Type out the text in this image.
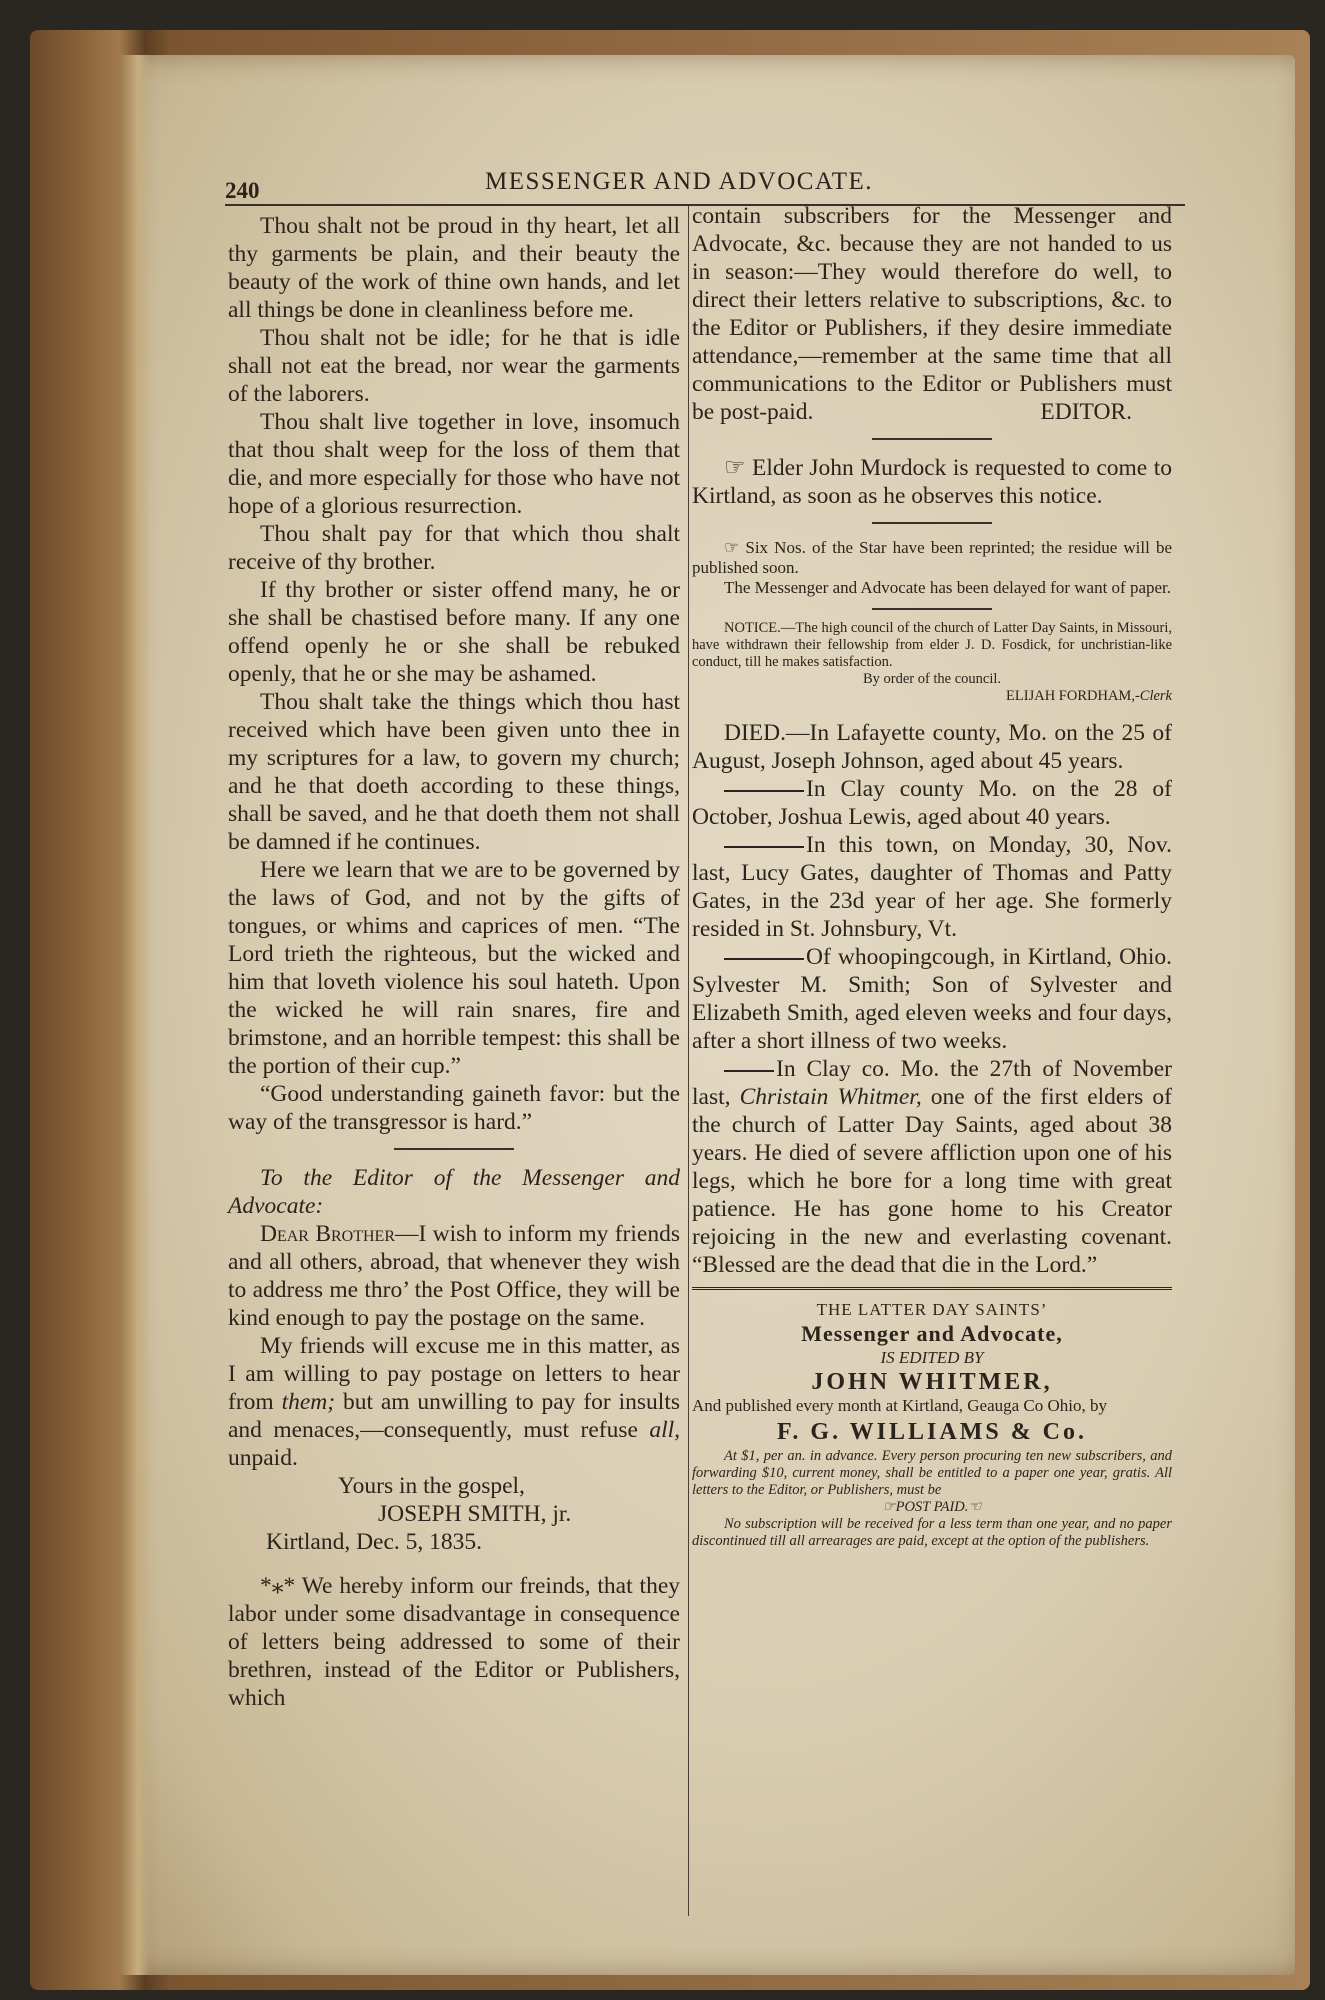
240	MESSENGER AND ADVOCATE.

Thou shalt not be proud in thy heart, let all thy garments be plain, and their beauty the beauty of the work of thine own hands, and let all things be done in cleanliness before me.

Thou shalt not be idle; for he that is idle shall not eat the bread, nor wear the garments of the laborers.

Thou shalt live together in love, insomuch that thou shalt weep for the loss of them that die, and more especially for those who have not hope of a glorious resurrection.

Thou shalt pay for that which thou shalt receive of thy brother.

If thy brother or sister offend many, he or she shall be chastised before many. If any one offend openly he or she shall be rebuked openly, that he or she may be ashamed.

Thou shalt take the things which thou hast received which have been given unto thee in my scriptures for a law, to govern my church; and he that doeth according to these things, shall be saved, and he that doeth them not shall be damned if he continues.

Here we learn that we are to be governed by the laws of God, and not by the gifts of tongues, or whims and caprices of men. “The Lord trieth the righteous, but the wicked and him that loveth violence his soul hateth. Upon the wicked he will rain snares, fire and brimstone, and an horrible tempest: this shall be the portion of their cup.”

“Good understanding gaineth favor: but the way of the transgressor is hard.”

To the Editor of the Messenger and Advocate:

Dear Brother—I wish to inform my friends and all others, abroad, that whenever they wish to address me thro’ the Post Office, they will be kind enough to pay the postage on the same.

My friends will excuse me in this matter, as I am willing to pay postage on letters to hear from them; but am unwilling to pay for insults and menaces,—consequently, must refuse all, unpaid.

Yours in the gospel,

JOSEPH SMITH, jr.

Kirtland, Dec. 5, 1835.

*⁎* We hereby inform our freinds, that they labor under some disadvantage in consequence of letters being addressed to some of their brethren, instead of the Editor or Publishers, which

contain subscribers for the Messenger and Advocate, &c. because they are not handed to us in season:—They would therefore do well, to direct their letters relative to subscriptions, &c. to the Editor or Publishers, if they desire immediate attendance,—remember at the same time that all communications to the Editor or Publishers must be post-paid.	EDITOR.

☞ Elder John Murdock is requested to come to Kirtland, as soon as he observes this notice.

☞ Six Nos. of the Star have been reprinted; the residue will be published soon.

The Messenger and Advocate has been delayed for want of paper.

NOTICE.—The high council of the church of Latter Day Saints, in Missouri, have withdrawn their fellowship from elder J. D. Fosdick, for unchristian-like conduct, till he makes satisfaction.

By order of the council.

ELIJAH FORDHAM,-Clerk

DIED.—In Lafayette county, Mo. on the 25 of August, Joseph Johnson, aged about 45 years.

In Clay county Mo. on the 28 of October, Joshua Lewis, aged about 40 years.

In this town, on Monday, 30, Nov. last, Lucy Gates, daughter of Thomas and Patty Gates, in the 23d year of her age. She formerly resided in St. Johnsbury, Vt.

Of whoopingcough, in Kirtland, Ohio. Sylvester M. Smith; Son of Sylvester and Elizabeth Smith, aged eleven weeks and four days, after a short illness of two weeks.

In Clay co. Mo. the 27th of November last, Christain Whitmer, one of the first elders of the church of Latter Day Saints, aged about 38 years. He died of severe affliction upon one of his legs, which he bore for a long time with great patience. He has gone home to his Creator rejoicing in the new and everlasting covenant. “Blessed are the dead that die in the Lord.”

THE LATTER DAY SAINTS’

Messenger and Advocate,

IS EDITED BY

JOHN WHITMER,

And published every month at Kirtland, Geauga Co Ohio, by

F. G. WILLIAMS & Co.

At $1, per an. in advance. Every person procuring ten new subscribers, and forwarding $10, current money, shall be entitled to a paper one year, gratis. All letters to the Editor, or Publishers, must be

☞POST PAID.☜

No subscription will be received for a less term than one year, and no paper discontinued till all arrearages are paid, except at the option of the publishers.
